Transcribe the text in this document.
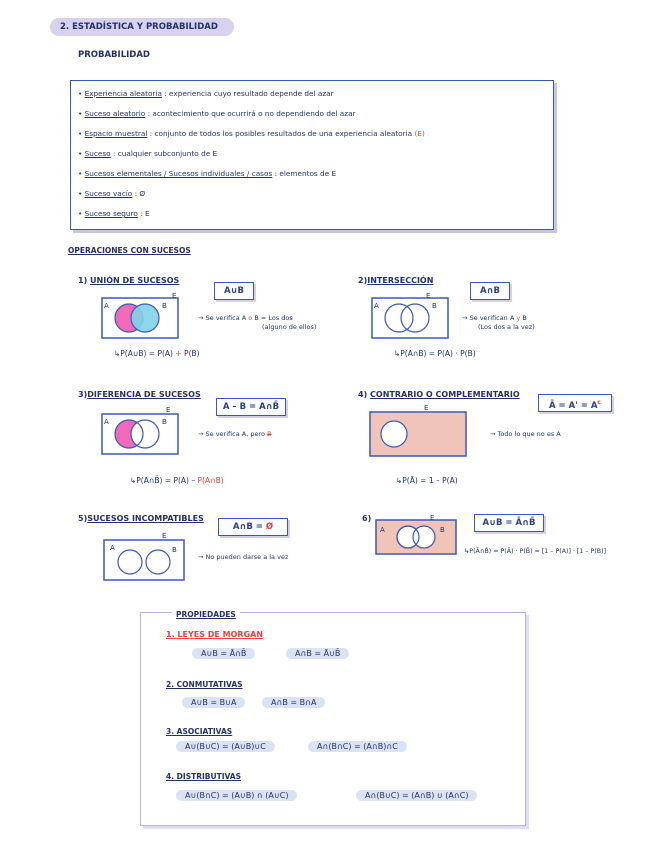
2. ESTADÍSTICA Y PROBABILIDAD
PROBABILIDAD
• Experiencia aleatoria : experiencia cuyo resultado depende del azar
• Suceso aleatorio : acontecimiento que ocurrirá o no dependiendo del azar
• Espacio muestral : conjunto de todos los posibles resultados de una experiencia aleatoria (E)
• Suceso : cualquier subconjunto de E
• Sucesos elementales / Sucesos individuales / casos : elementos de E
• Suceso vacío : Ø
• Suceso seguro : E
OPERACIONES CON SUCESOS
1) UNIÓN DE SUCESOS
A∪B
A	B
E
→ Se verifica A o B = Los dos
(alguno de ellos)
↳P(A∪B) = P(A) + P(B)
2)INTERSECCIÓN
A∩B
A	B
E
→ Se verifican A y B
(Los dos a la vez)
↳P(A∩B) = P(A) · P(B)
3)DIFERENCIA DE SUCESOS
A – B = A∩B̄
A	B
E
→ Se verifica A, pero B
↳P(A∩B̄) = P(A) – P(A∩B)
4) CONTRARIO O COMPLEMENTARIO
Ā = $A' = A^c$
E
→ Todo lo que no es A
↳P(Ā) = 1 – P(A)
5)SUCESOS INCOMPATIBLES
A∩B = Ø
A	B
E
→ No pueden darse a la vez
6)	A∪B = Ā∩B̄
A	B
E
↳P(Ā∩B̄) = P(Ā) · P(B̄) = [1 – P(A)] · [1 – P(B)]
PROPIEDADES
1. LEYES DE MORGAN
A∪B = Ā∩B̄	A∩B = Ā∪B̄
2. CONMUTATIVAS
A∪B = B∪A	A∩B = B∩A
3. ASOCIATIVAS
A∪(B∪C) = (A∪B)∪C	A∩(B∩C) = (A∩B)∩C
4. DISTRIBUTIVAS
A∪(B∩C) = (A∪B) ∩ (A∪C)	A∩(B∪C) = (A∩B) ∪ (A∩C)
